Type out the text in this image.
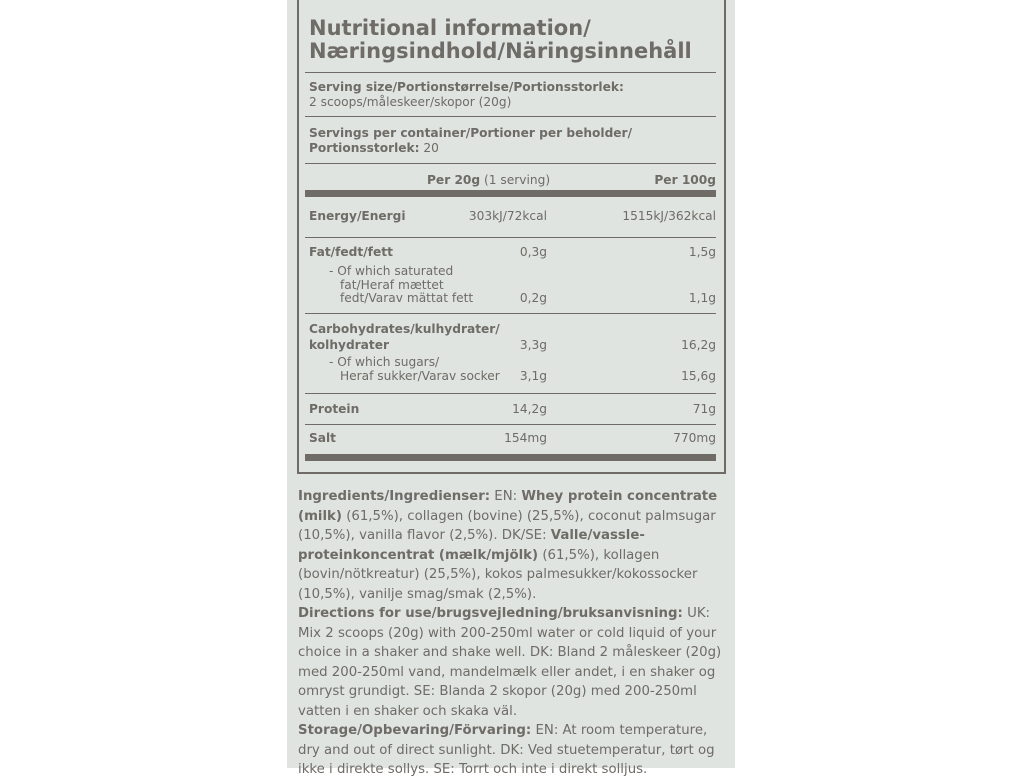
Nutritional information/
Næringsindhold/Näringsinnehåll
Serving size/Portionstørrelse/Portionsstorlek:
2 scoops/måleskeer/skopor (20g)
Servings per container/Portioner per beholder/
Portionsstorlek: 20
Per 20g (1 serving)	Per 100g
Energy/Energi	303kJ/72kcal	1515kJ/362kcal
Fat/fedt/fett	0,3g	1,5g
- Of which saturated
fat/Heraf mættet
fedt/Varav mättat fett	0,2g	1,1g
Carbohydrates/kulhydrater/
kolhydrater	3,3g	16,2g
- Of which sugars/
Heraf sukker/Varav socker	3,1g	15,6g
Protein	14,2g	71g
Salt	154mg	770mg

Ingredients/Ingredienser: EN: Whey protein concentrate (milk) (61,5%), collagen (bovine) (25,5%), coconut palmsugar (10,5%), vanilla flavor (2,5%). DK/SE: Valle/vassle-proteinkoncentrat (mælk/mjölk) (61,5%), kollagen (bovin/nötkreatur) (25,5%), kokos palmesukker/kokossocker (10,5%), vanilje smag/smak (2,5%).

Directions for use/brugsvejledning/bruksanvisning: UK: Mix 2 scoops (20g) with 200-250ml water or cold liquid of your choice in a shaker and shake well. DK: Bland 2 måleskeer (20g) med 200-250ml vand, mandelmælk eller andet, i en shaker og omryst grundigt. SE: Blanda 2 skopor (20g) med 200-250ml vatten i en shaker och skaka väl.

Storage/Opbevaring/Förvaring: EN: At room temperature, dry and out of direct sunlight. DK: Ved stuetemperatur, tørt og ikke i direkte sollys. SE: Torrt och inte i direkt solljus.
